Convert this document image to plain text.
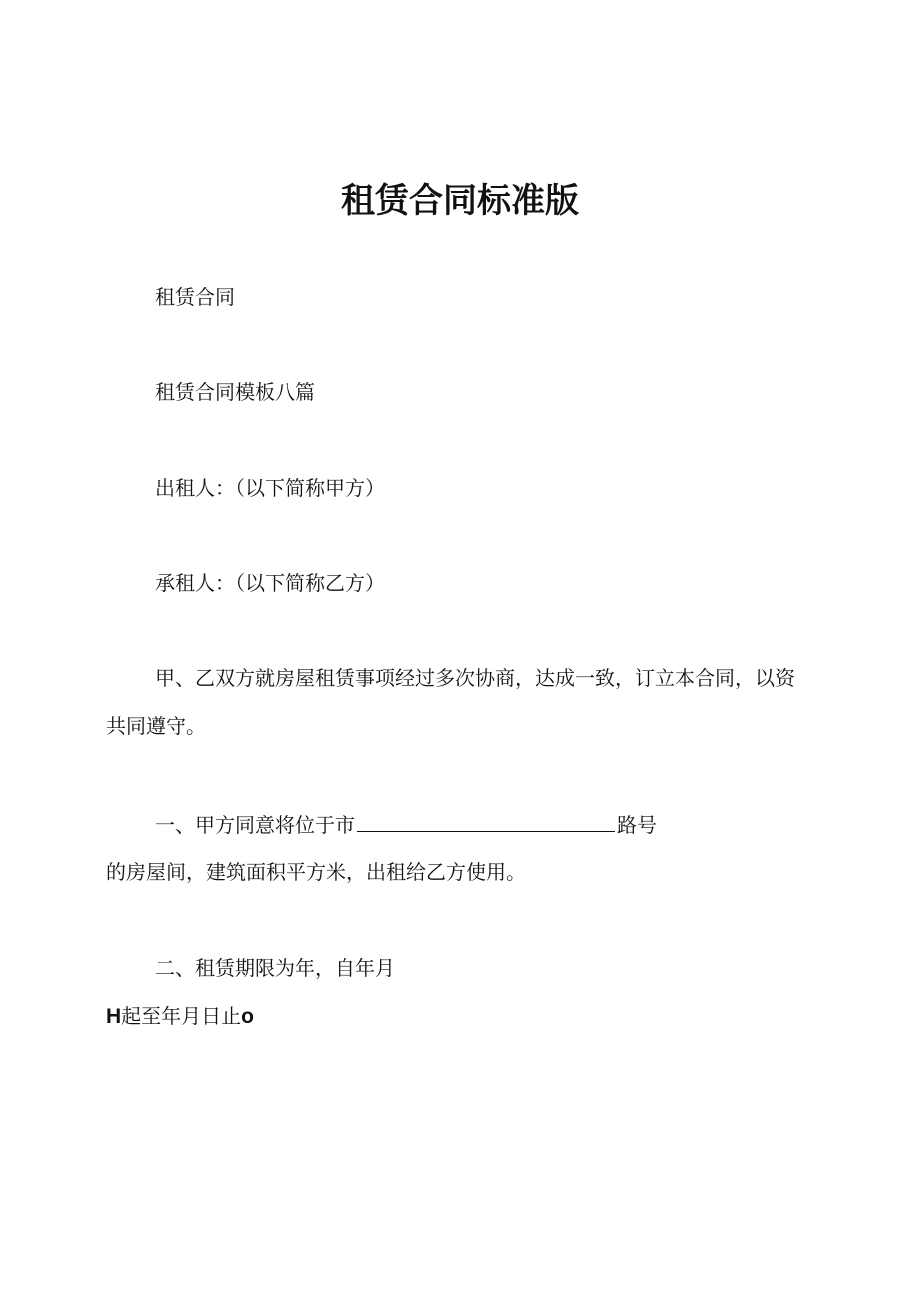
租赁合同标准版
租赁合同
租赁合同模板八篇
出租人：（以下简称甲方）
承租人：（以下简称乙方）
甲、乙双方就房屋租赁事项经过多次协商，达成一致，订立本合同，以资
共同遵守。
一、甲方同意将位于市	路号
的房屋间，建筑面积平方米，出租给乙方使用。
二、租赁期限为年，自年月
H起至年月日止o
